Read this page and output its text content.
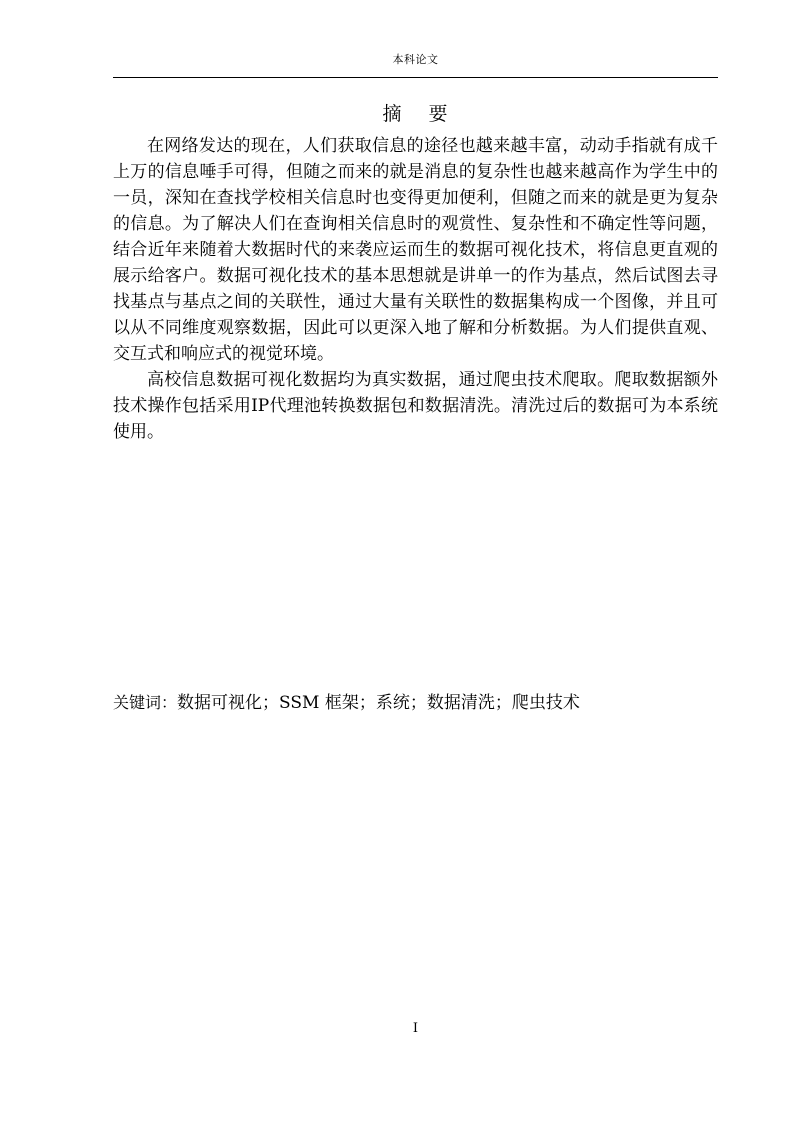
本科论文
摘 要

在网络发达的现在，人们获取信息的途径也越来越丰富，动动手指就有成千上万的信息唾手可得，但随之而来的就是消息的复杂性也越来越高作为学生中的一员，深知在查找学校相关信息时也变得更加便利，但随之而来的就是更为复杂的信息。为了解决人们在查询相关信息时的观赏性、复杂性和不确定性等问题，结合近年来随着大数据时代的来袭应运而生的数据可视化技术，将信息更直观的展示给客户。数据可视化技术的基本思想就是讲单一的作为基点，然后试图去寻找基点与基点之间的关联性，通过大量有关联性的数据集构成一个图像，并且可以从不同维度观察数据，因此可以更深入地了解和分析数据。为人们提供直观、交互式和响应式的视觉环境。

高校信息数据可视化数据均为真实数据，通过爬虫技术爬取。爬取数据额外技术操作包括采用IP代理池转换数据包和数据清洗。清洗过后的数据可为本系统使用。

关键词：数据可视化；SSM 框架；系统；数据清洗；爬虫技术
I
